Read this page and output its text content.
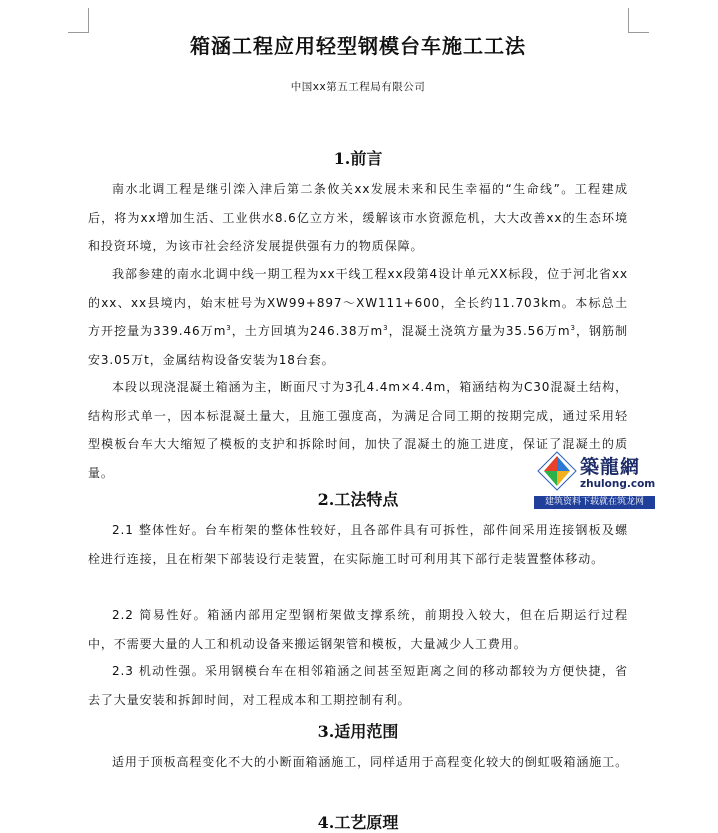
箱涵工程应用轻型钢模台车施工工法
中国xx第五工程局有限公司
1.前言

南水北调工程是继引滦入津后第二条攸关xx发展未来和民生幸福的“生命线”。工程建成后，将为xx增加生活、工业供水8.6亿立方米，缓解该市水资源危机，大大改善xx的生态环境和投资环境，为该市社会经济发展提供强有力的物质保障。

我部参建的南水北调中线一期工程为xx干线工程xx段第4设计单元XX标段，位于河北省xx的xx、xx县境内，始末桩号为XW99+897～XW111+600，全长约11.703km。本标总土方开挖量为339.46万$m^3$，土方回填为246.38万$m^3$，混凝土浇筑方量为35.56万$m^3$，钢筋制安3.05万t，金属结构设备安装为18台套。

本段以现浇混凝土箱涵为主，断面尺寸为3孔4.4m×4.4m，箱涵结构为C30混凝土结构，结构形式单一，因本标混凝土量大，且施工强度高，为满足合同工期的按期完成，通过采用轻型模板台车大大缩短了模板的支护和拆除时间，加快了混凝土的施工进度，保证了混凝土的质量。

2.工法特点

2.1 整体性好。台车桁架的整体性较好，且各部件具有可拆性，部件间采用连接钢板及螺栓进行连接，且在桁架下部装设行走装置，在实际施工时可利用其下部行走装置整体移动。

2.2 简易性好。箱涵内部用定型钢桁架做支撑系统，前期投入较大，但在后期运行过程中，不需要大量的人工和机动设备来搬运钢架管和模板，大量减少人工费用。

2.3 机动性强。采用钢模台车在相邻箱涵之间甚至短距离之间的移动都较为方便快捷，省去了大量安装和拆卸时间，对工程成本和工期控制有利。

3.适用范围

适用于顶板高程变化不大的小断面箱涵施工，同样适用于高程变化较大的倒虹吸箱涵施工。

4.工艺原理
築龍網
zhulong.com
建筑资料下载就在筑龙网
